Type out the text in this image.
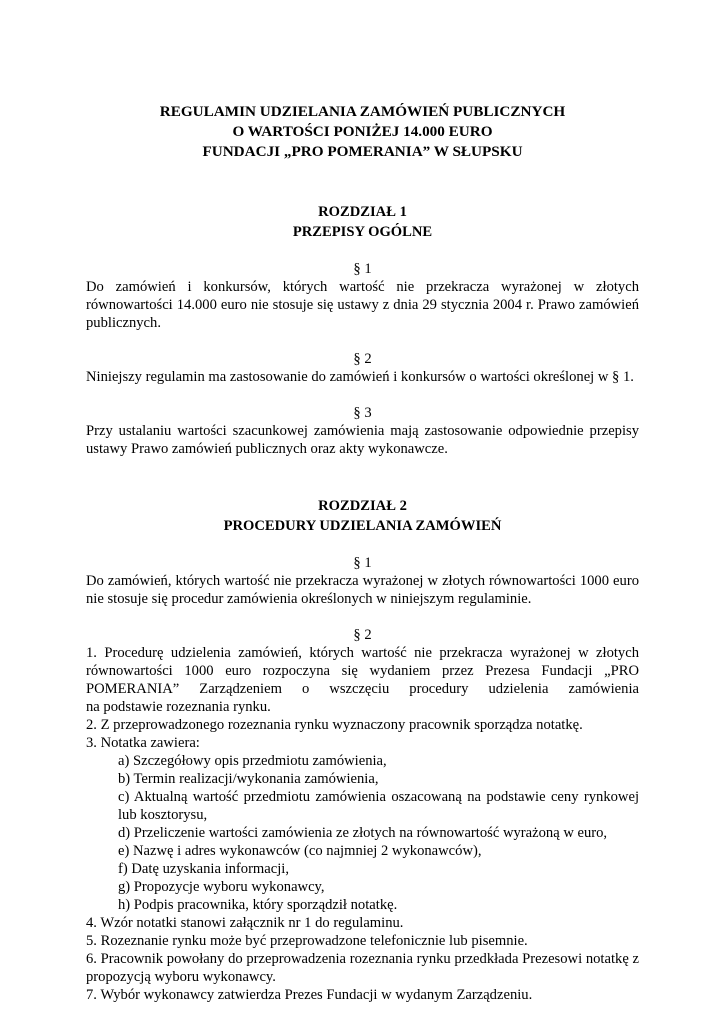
REGULAMIN UDZIELANIA ZAMÓWIEŃ PUBLICZNYCH

O WARTOŚCI PONIŻEJ 14.000 EURO

FUNDACJI „PRO POMERANIA” W SŁUPSKU

ROZDZIAŁ 1
PRZEPISY OGÓLNE

§ 1

Do zamówień i konkursów, których wartość nie przekracza wyrażonej w złotych równowartości 14.000 euro nie stosuje się ustawy z dnia 29 stycznia 2004 r. Prawo zamówień publicznych.

§ 2

Niniejszy regulamin ma zastosowanie do zamówień i konkursów o wartości określonej w § 1.

§ 3

Przy ustalaniu wartości szacunkowej zamówienia mają zastosowanie odpowiednie przepisy ustawy Prawo zamówień publicznych oraz akty wykonawcze.

ROZDZIAŁ 2
PROCEDURY UDZIELANIA ZAMÓWIEŃ

§ 1

Do zamówień, których wartość nie przekracza wyrażonej w złotych równowartości 1000 euro nie stosuje się procedur zamówienia określonych w niniejszym regulaminie.

§ 2

1. Procedurę udzielenia zamówień, których wartość nie przekracza wyrażonej w złotych

równowartości 1000 euro rozpoczyna się wydaniem przez Prezesa Fundacji „PRO

POMERANIA” Zarządzeniem o wszczęciu procedury udzielenia zamówienia

na podstawie rozeznania rynku.

2. Z przeprowadzonego rozeznania rynku wyznaczony pracownik sporządza notatkę.

3. Notatka zawiera:

a) Szczegółowy opis przedmiotu zamówienia,

b) Termin realizacji/wykonania zamówienia,

c) Aktualną wartość przedmiotu zamówienia oszacowaną na podstawie ceny rynkowej lub kosztorysu,

d) Przeliczenie wartości zamówienia ze złotych na równowartość wyrażoną w euro,

e) Nazwę i adres wykonawców (co najmniej 2 wykonawców),

f) Datę uzyskania informacji,

g) Propozycje wyboru wykonawcy,

h) Podpis pracownika, który sporządził notatkę.

4. Wzór notatki stanowi załącznik nr 1 do regulaminu.

5. Rozeznanie rynku może być przeprowadzone telefonicznie lub pisemnie.

6. Pracownik powołany do przeprowadzenia rozeznania rynku przedkłada Prezesowi notatkę z propozycją wyboru wykonawcy.

7. Wybór wykonawcy zatwierdza Prezes Fundacji w wydanym Zarządzeniu.
